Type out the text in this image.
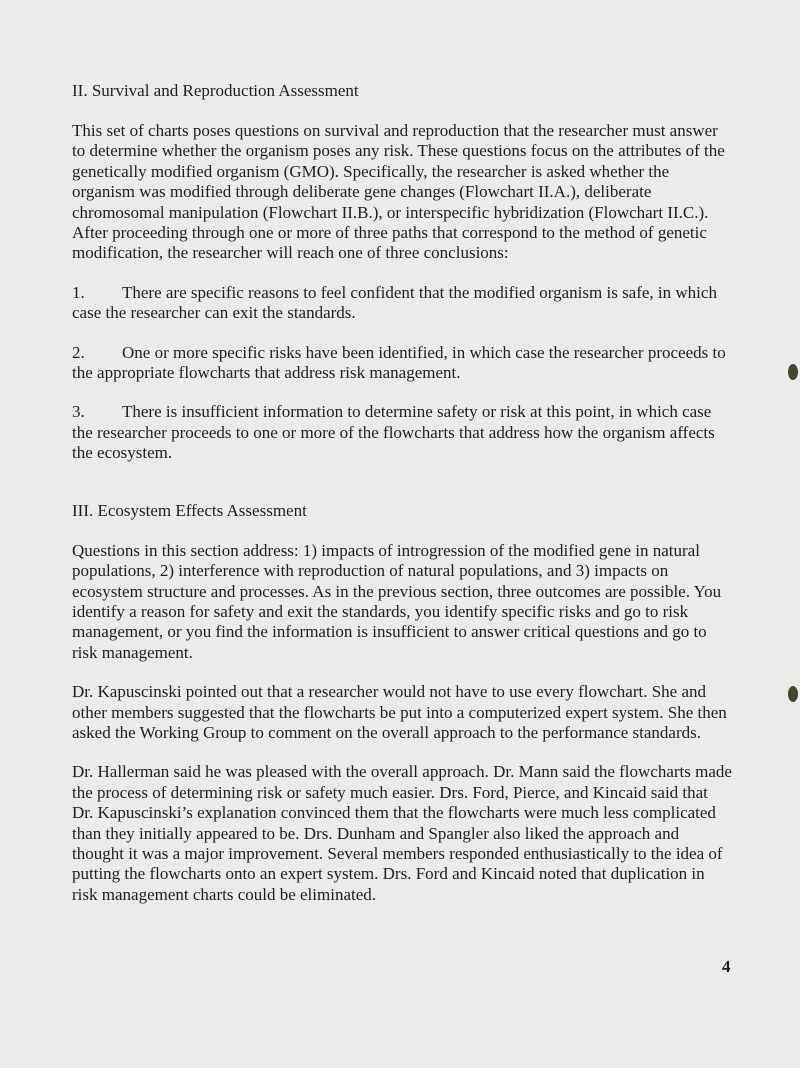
II. Survival and Reproduction Assessment
This set of charts poses questions on survival and reproduction that the researcher must answer to determine whether the organism poses any risk. These questions focus on the attributes of the genetically modified organism (GMO). Specifically, the researcher is asked whether the organism was modified through deliberate gene changes (Flowchart II.A.), deliberate chromosomal manipulation (Flowchart II.B.), or interspecific hybridization (Flowchart II.C.). After proceeding through one or more of three paths that correspond to the method of genetic modification, the researcher will reach one of three conclusions:
1. There are specific reasons to feel confident that the modified organism is safe, in which case the researcher can exit the standards.
2. One or more specific risks have been identified, in which case the researcher proceeds to the appropriate flowcharts that address risk management.
3. There is insufficient information to determine safety or risk at this point, in which case the researcher proceeds to one or more of the flowcharts that address how the organism affects the ecosystem.
III. Ecosystem Effects Assessment
Questions in this section address: 1) impacts of introgression of the modified gene in natural populations, 2) interference with reproduction of natural populations, and 3) impacts on ecosystem structure and processes. As in the previous section, three outcomes are possible. You identify a reason for safety and exit the standards, you identify specific risks and go to risk management, or you find the information is insufficient to answer critical questions and go to risk management.
Dr. Kapuscinski pointed out that a researcher would not have to use every flowchart. She and other members suggested that the flowcharts be put into a computerized expert system. She then asked the Working Group to comment on the overall approach to the performance standards.
Dr. Hallerman said he was pleased with the overall approach. Dr. Mann said the flowcharts made the process of determining risk or safety much easier. Drs. Ford, Pierce, and Kincaid said that Dr. Kapuscinski’s explanation convinced them that the flowcharts were much less complicated than they initially appeared to be. Drs. Dunham and Spangler also liked the approach and thought it was a major improvement. Several members responded enthusiastically to the idea of putting the flowcharts onto an expert system. Drs. Ford and Kincaid noted that duplication in risk management charts could be eliminated.
4
